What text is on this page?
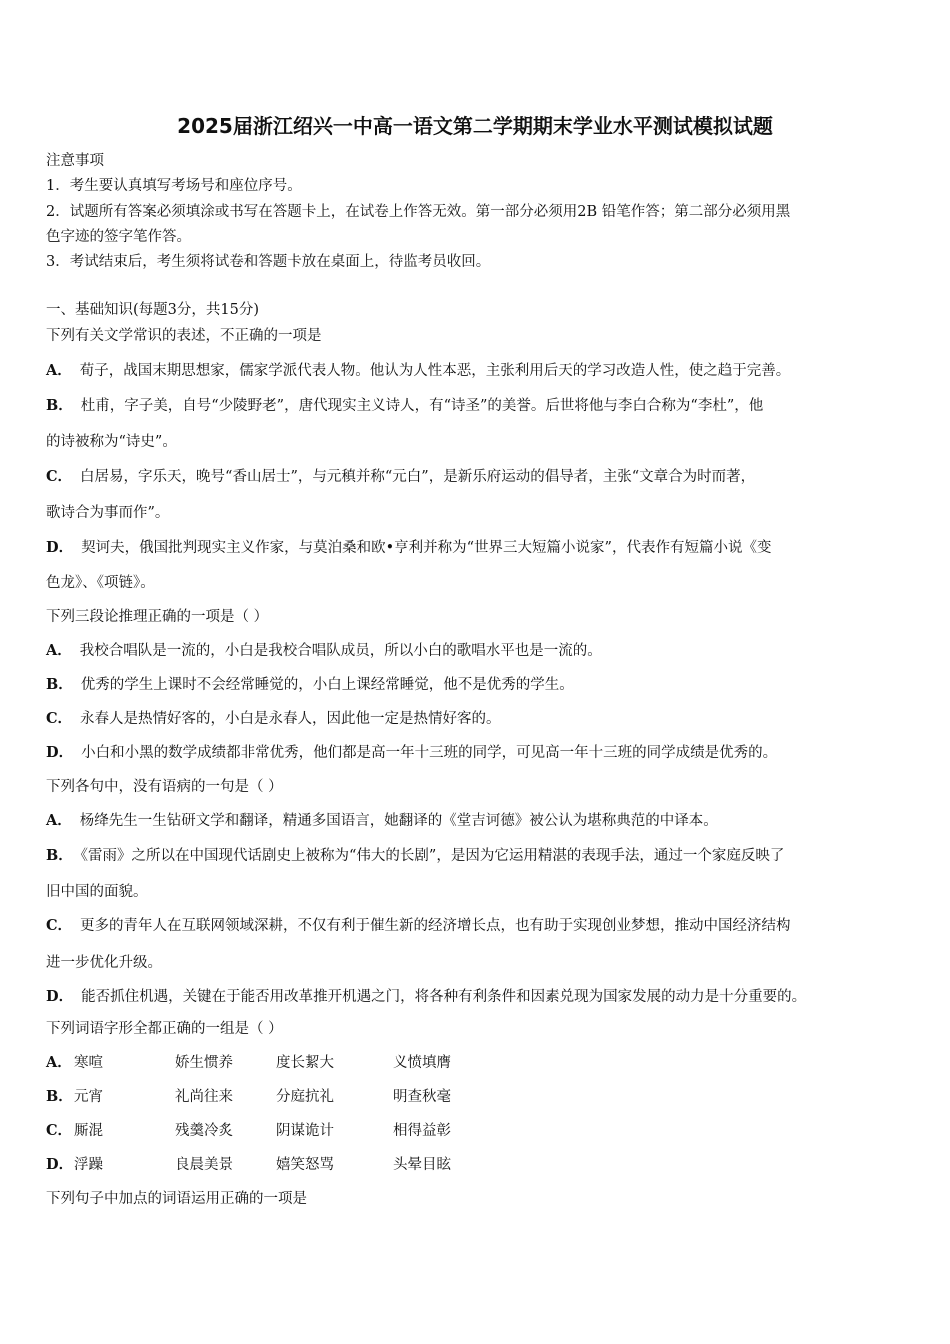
2025届浙江绍兴一中高一语文第二学期期末学业水平测试模拟试题
注意事项
1．考生要认真填写考场号和座位序号。
2．试题所有答案必须填涂或书写在答题卡上，在试卷上作答无效。第一部分必须用2B 铅笔作答；第二部分必须用黑
色字迹的签字笔作答。
3．考试结束后，考生须将试卷和答题卡放在桌面上，待监考员收回。
一、基础知识(每题3分，共15分)
下列有关文学常识的表述，不正确的一项是
A． 荀子，战国末期思想家，儒家学派代表人物。他认为人性本恶，主张利用后天的学习改造人性，使之趋于完善。
B． 杜甫，字子美，自号“少陵野老”，唐代现实主义诗人，有“诗圣”的美誉。后世将他与李白合称为“李杜”，他
的诗被称为“诗史”。
C． 白居易，字乐天，晚号“香山居士”，与元稹并称“元白”，是新乐府运动的倡导者，主张“文章合为时而著，
歌诗合为事而作”。
D． 契诃夫，俄国批判现实主义作家，与莫泊桑和欧•亨利并称为“世界三大短篇小说家”，代表作有短篇小说《变
色龙》、《项链》。
下列三段论推理正确的一项是（ ）
A． 我校合唱队是一流的，小白是我校合唱队成员，所以小白的歌唱水平也是一流的。
B． 优秀的学生上课时不会经常睡觉的，小白上课经常睡觉，他不是优秀的学生。
C． 永春人是热情好客的，小白是永春人，因此他一定是热情好客的。
D． 小白和小黑的数学成绩都非常优秀，他们都是高一年十三班的同学，可见高一年十三班的同学成绩是优秀的。
下列各句中，没有语病的一句是（ ）
A． 杨绛先生一生钻研文学和翻译，精通多国语言，她翻译的《堂吉诃德》被公认为堪称典范的中译本。
B． 《雷雨》之所以在中国现代话剧史上被称为“伟大的长剧”，是因为它运用精湛的表现手法，通过一个家庭反映了
旧中国的面貌。
C． 更多的青年人在互联网领域深耕，不仅有利于催生新的经济增长点，也有助于实现创业梦想，推动中国经济结构
进一步优化升级。
D． 能否抓住机遇，关键在于能否用改革推开机遇之门，将各种有利条件和因素兑现为国家发展的动力是十分重要的。
下列词语字形全都正确的一组是（ ）
A． 寒喧	娇生惯养	度长絜大	义愤填膺
B． 元宵	礼尚往来	分庭抗礼	明查秋毫
C． 厮混	残羹冷炙	阴谋诡计	相得益彰
D． 浮躁	良晨美景	嬉笑怒骂	头晕目眩
下列句子中加点的词语运用正确的一项是
